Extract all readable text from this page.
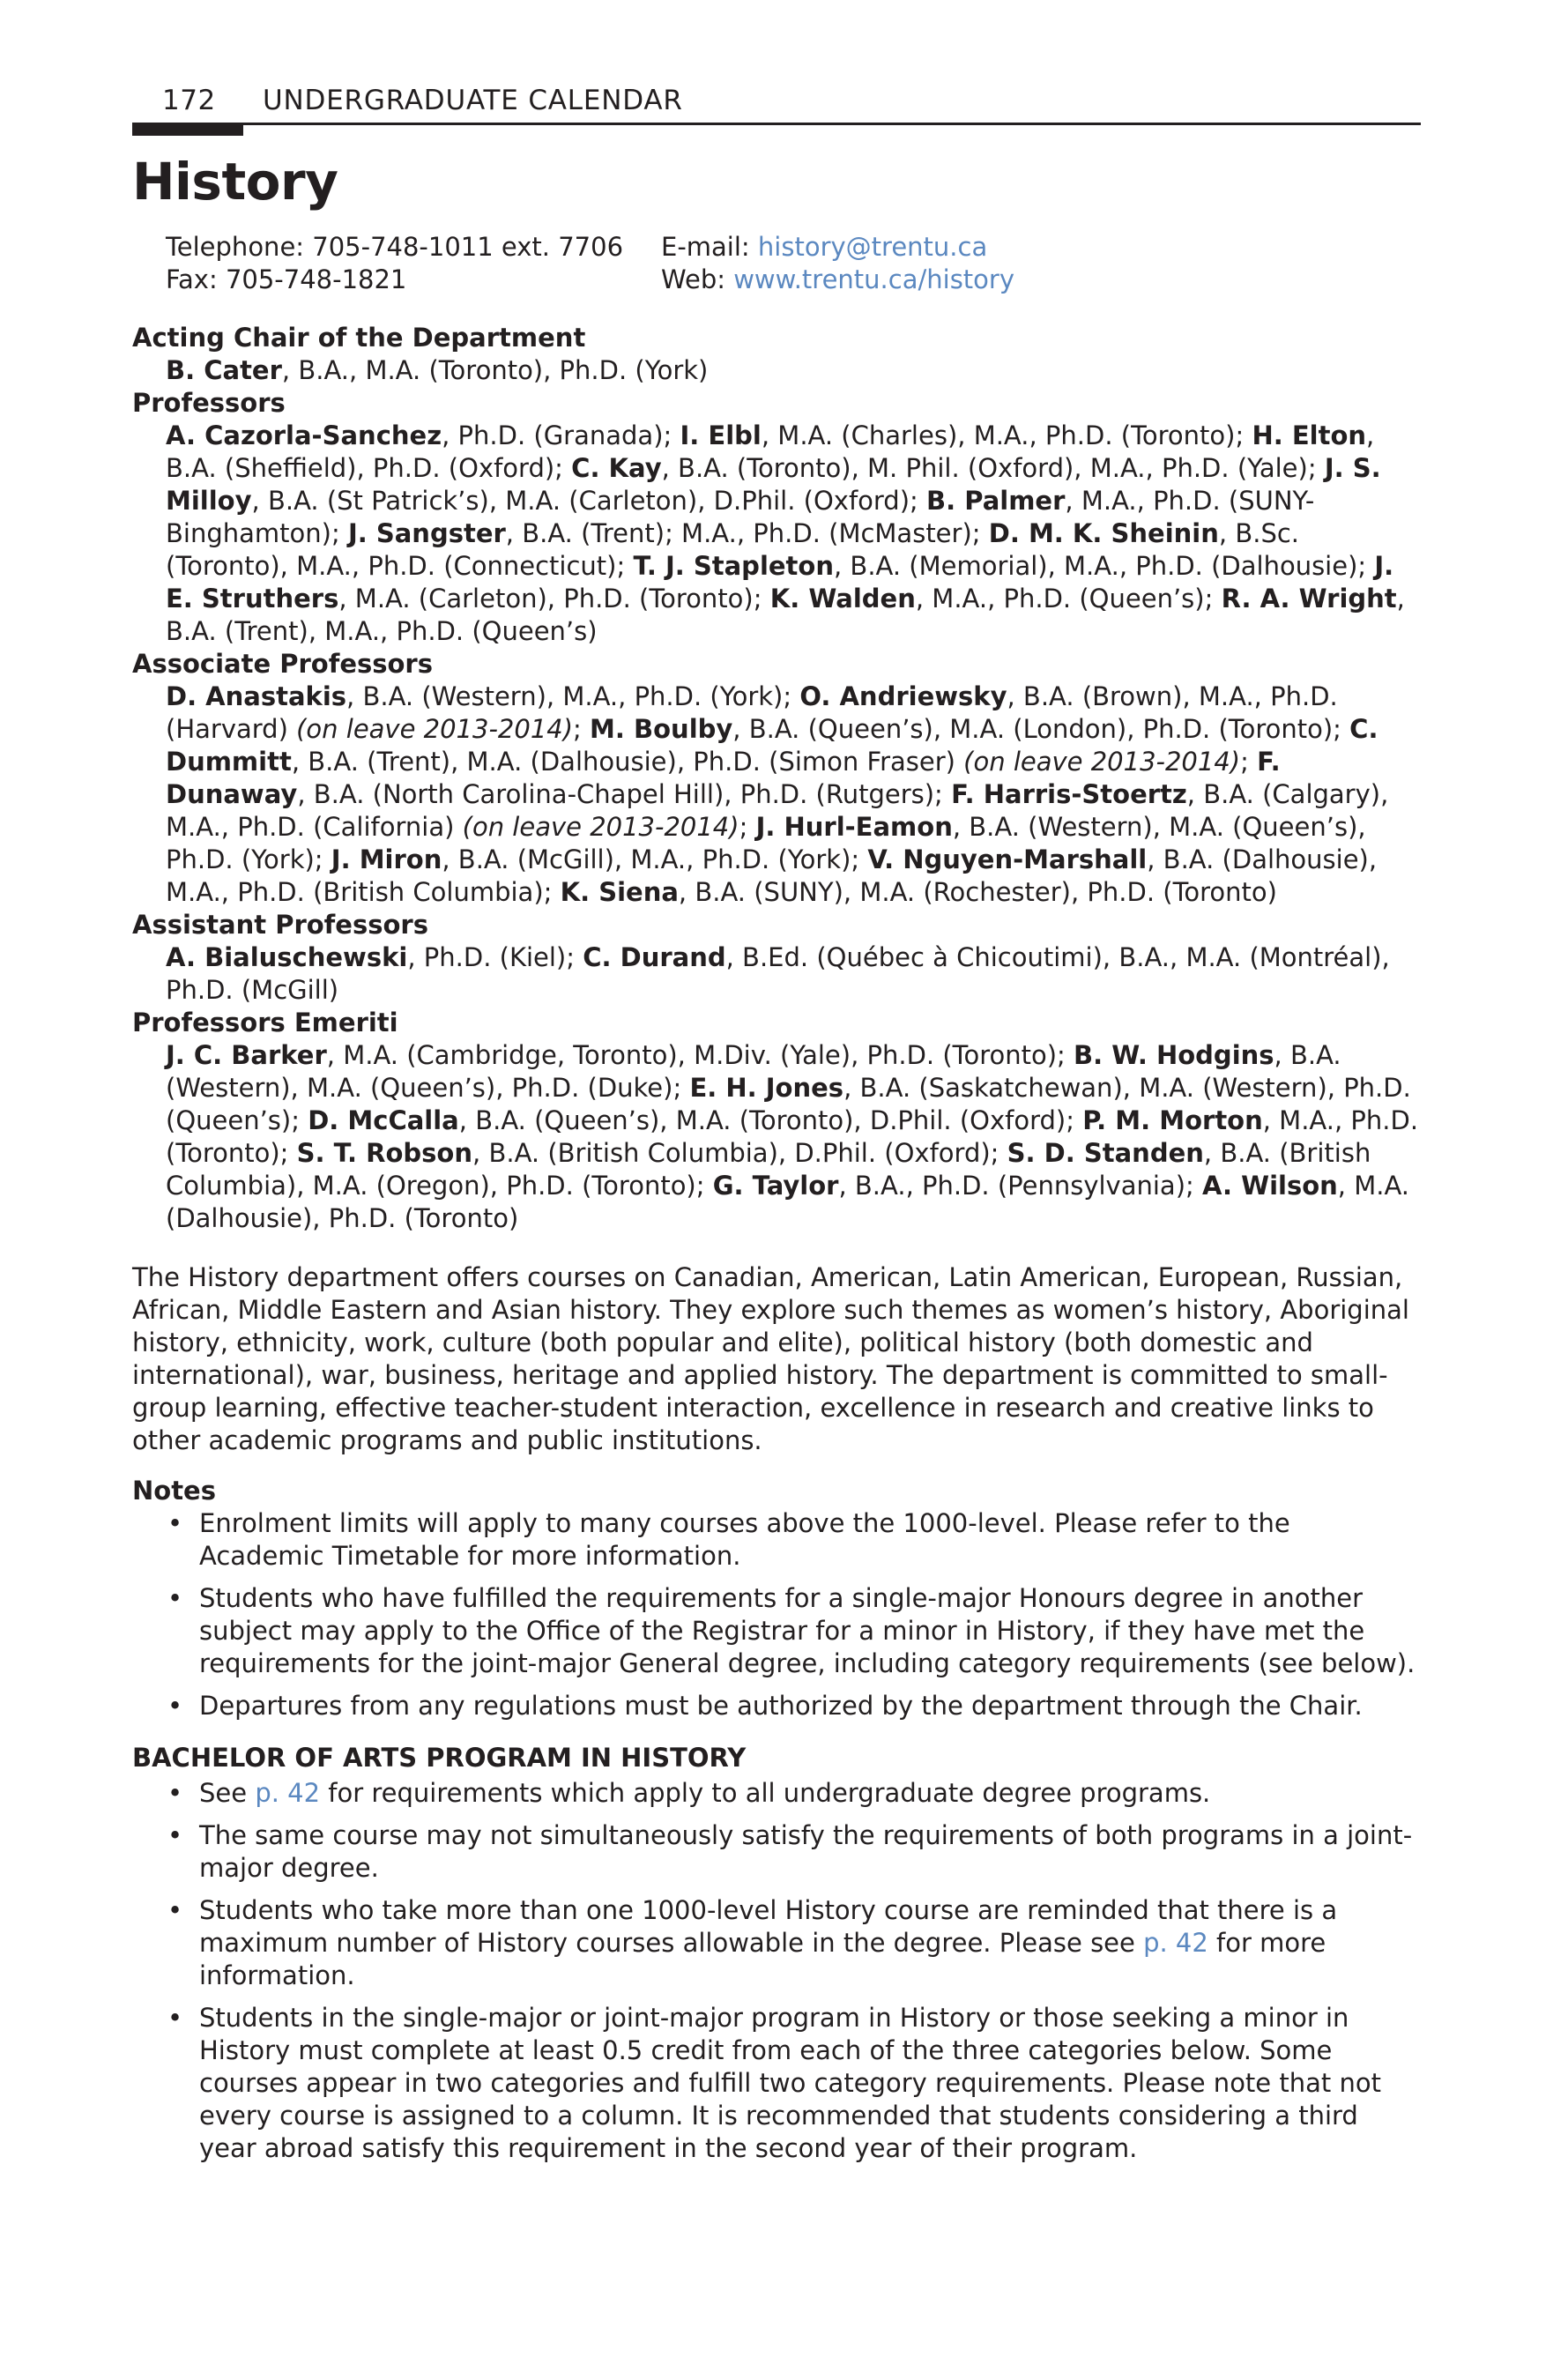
172 UNDERGRADUATE CALENDAR
History
Telephone: 705-748-1011 ext. 7706
Fax: 705-748-1821
E-mail: history@trentu.ca
Web: www.trentu.ca/history

Acting Chair of the Department

B. Cater, B.A., M.A. (Toronto), Ph.D. (York)

Professors

A. Cazorla-Sanchez, Ph.D. (Granada); I. Elbl, M.A. (Charles), M.A., Ph.D. (Toronto); H. Elton, B.A. (Sheffield), Ph.D. (Oxford); C. Kay, B.A. (Toronto), M. Phil. (Oxford), M.A., Ph.D. (Yale); J. S. Milloy, B.A. (St Patrick’s), M.A. (Carleton), D.Phil. (Oxford); B. Palmer, M.A., Ph.D. (SUNY-Binghamton); J. Sangster, B.A. (Trent); M.A., Ph.D. (McMaster); D. M. K. Sheinin, B.Sc. (Toronto), M.A., Ph.D. (Connecticut); T. J. Stapleton, B.A. (Memorial), M.A., Ph.D. (Dalhousie); J. E. Struthers, M.A. (Carleton), Ph.D. (Toronto); K. Walden, M.A., Ph.D. (Queen’s); R. A. Wright, B.A. (Trent), M.A., Ph.D. (Queen’s)

Associate Professors

D. Anastakis, B.A. (Western), M.A., Ph.D. (York); O. Andriewsky, B.A. (Brown), M.A., Ph.D. (Harvard) (on leave 2013-2014); M. Boulby, B.A. (Queen’s), M.A. (London), Ph.D. (Toronto); C. Dummitt, B.A. (Trent), M.A. (Dalhousie), Ph.D. (Simon Fraser) (on leave 2013-2014); F. Dunaway, B.A. (North Carolina-Chapel Hill), Ph.D. (Rutgers); F. Harris-Stoertz, B.A. (Calgary), M.A., Ph.D. (California) (on leave 2013-2014); J. Hurl-Eamon, B.A. (Western), M.A. (Queen’s), Ph.D. (York); J. Miron, B.A. (McGill), M.A., Ph.D. (York); V. Nguyen-Marshall, B.A. (Dalhousie), M.A., Ph.D. (British Columbia); K. Siena, B.A. (SUNY), M.A. (Rochester), Ph.D. (Toronto)

Assistant Professors

A. Bialuschewski, Ph.D. (Kiel); C. Durand, B.Ed. (Québec à Chicoutimi), B.A., M.A. (Montréal), Ph.D. (McGill)

Professors Emeriti

J. C. Barker, M.A. (Cambridge, Toronto), M.Div. (Yale), Ph.D. (Toronto); B. W. Hodgins, B.A. (Western), M.A. (Queen’s), Ph.D. (Duke); E. H. Jones, B.A. (Saskatchewan), M.A. (Western), Ph.D. (Queen’s); D. McCalla, B.A. (Queen’s), M.A. (Toronto), D.Phil. (Oxford); P. M. Morton, M.A., Ph.D. (Toronto); S. T. Robson, B.A. (British Columbia), D.Phil. (Oxford); S. D. Standen, B.A. (British Columbia), M.A. (Oregon), Ph.D. (Toronto); G. Taylor, B.A., Ph.D. (Pennsylvania); A. Wilson, M.A. (Dalhousie), Ph.D. (Toronto)

The History department offers courses on Canadian, American, Latin American, European, Russian, African, Middle Eastern and Asian history. They explore such themes as women’s history, Aboriginal history, ethnicity, work, culture (both popular and elite), political history (both domestic and international), war, business, heritage and applied history. The department is committed to small-group learning, effective teacher-student interaction, excellence in research and creative links to other academic programs and public institutions.

Notes

• Enrolment limits will apply to many courses above the 1000-level. Please refer to the Academic Timetable for more information.
• Students who have fulfilled the requirements for a single-major Honours degree in another subject may apply to the Office of the Registrar for a minor in History, if they have met the requirements for the joint-major General degree, including category requirements (see below).
• Departures from any regulations must be authorized by the department through the Chair.

BACHELOR OF ARTS PROGRAM IN HISTORY

• See p. 42 for requirements which apply to all undergraduate degree programs.
• The same course may not simultaneously satisfy the requirements of both programs in a joint-major degree.
• Students who take more than one 1000-level History course are reminded that there is a maximum number of History courses allowable in the degree. Please see p. 42 for more information.
• Students in the single-major or joint-major program in History or those seeking a minor in History must complete at least 0.5 credit from each of the three categories below. Some courses appear in two categories and fulfill two category requirements. Please note that not every course is assigned to a column. It is recommended that students considering a third year abroad satisfy this requirement in the second year of their program.
